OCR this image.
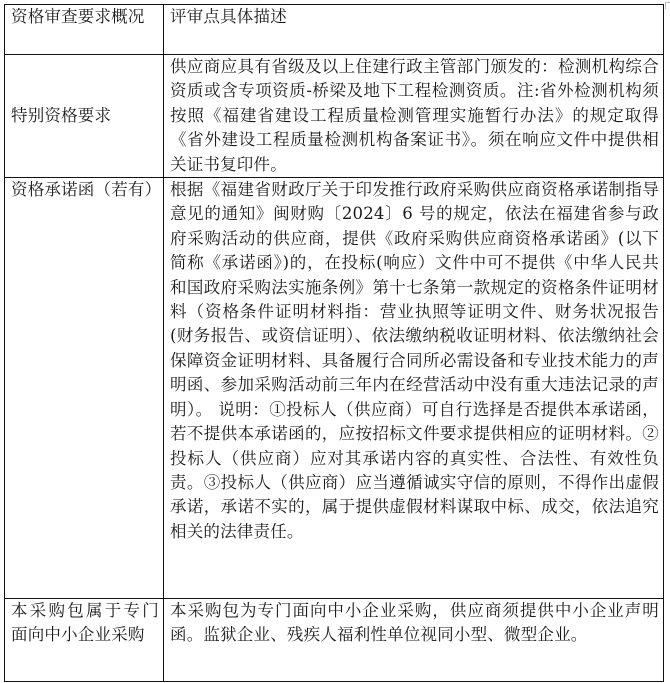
资格审查要求概况	评审点具体描述
特别资格要求	供应商应具有省级及以上住建行政主管部门颁发的：检测机构综合资质或含专项资质-桥梁及地下工程检测资质。注:省外检测机构须按照《福建省建设工程质量检测管理实施暂行办法》的规定取得《省外建设工程质量检测机构备案证书》。须在响应文件中提供相关证书复印件。
资格承诺函（若有）	根据《福建省财政厅关于印发推行政府采购供应商资格承诺制指导意见的通知》闽财购〔2024〕6 号的规定，依法在福建省参与政府采购活动的供应商，提供《政府采购供应商资格承诺函》(以下简称《承诺函》)的，在投标(响应）文件中可不提供《中华人民共和国政府采购法实施条例》第十七条第一款规定的资格条件证明材料（资格条件证明材料指：营业执照等证明文件、财务状况报告(财务报告、或资信证明）、依法缴纳税收证明材料、依法缴纳社会保障资金证明材料、具备履行合同所必需设备和专业技术能力的声明函、参加采购活动前三年内在经营活动中没有重大违法记录的声明）。 说明：①投标人（供应商）可自行选择是否提供本承诺函，若不提供本承诺函的，应按招标文件要求提供相应的证明材料。②投标人（供应商）应对其承诺内容的真实性、合法性、有效性负责。③投标人（供应商）应当遵循诚实守信的原则，不得作出虚假承诺，承诺不实的，属于提供虚假材料谋取中标、成交，依法追究相关的法律责任。
本采购包属于专门面向中小企业采购	本采购包为专门面向中小企业采购，供应商须提供中小企业声明函。监狱企业、残疾人福利性单位视同小型、微型企业。
